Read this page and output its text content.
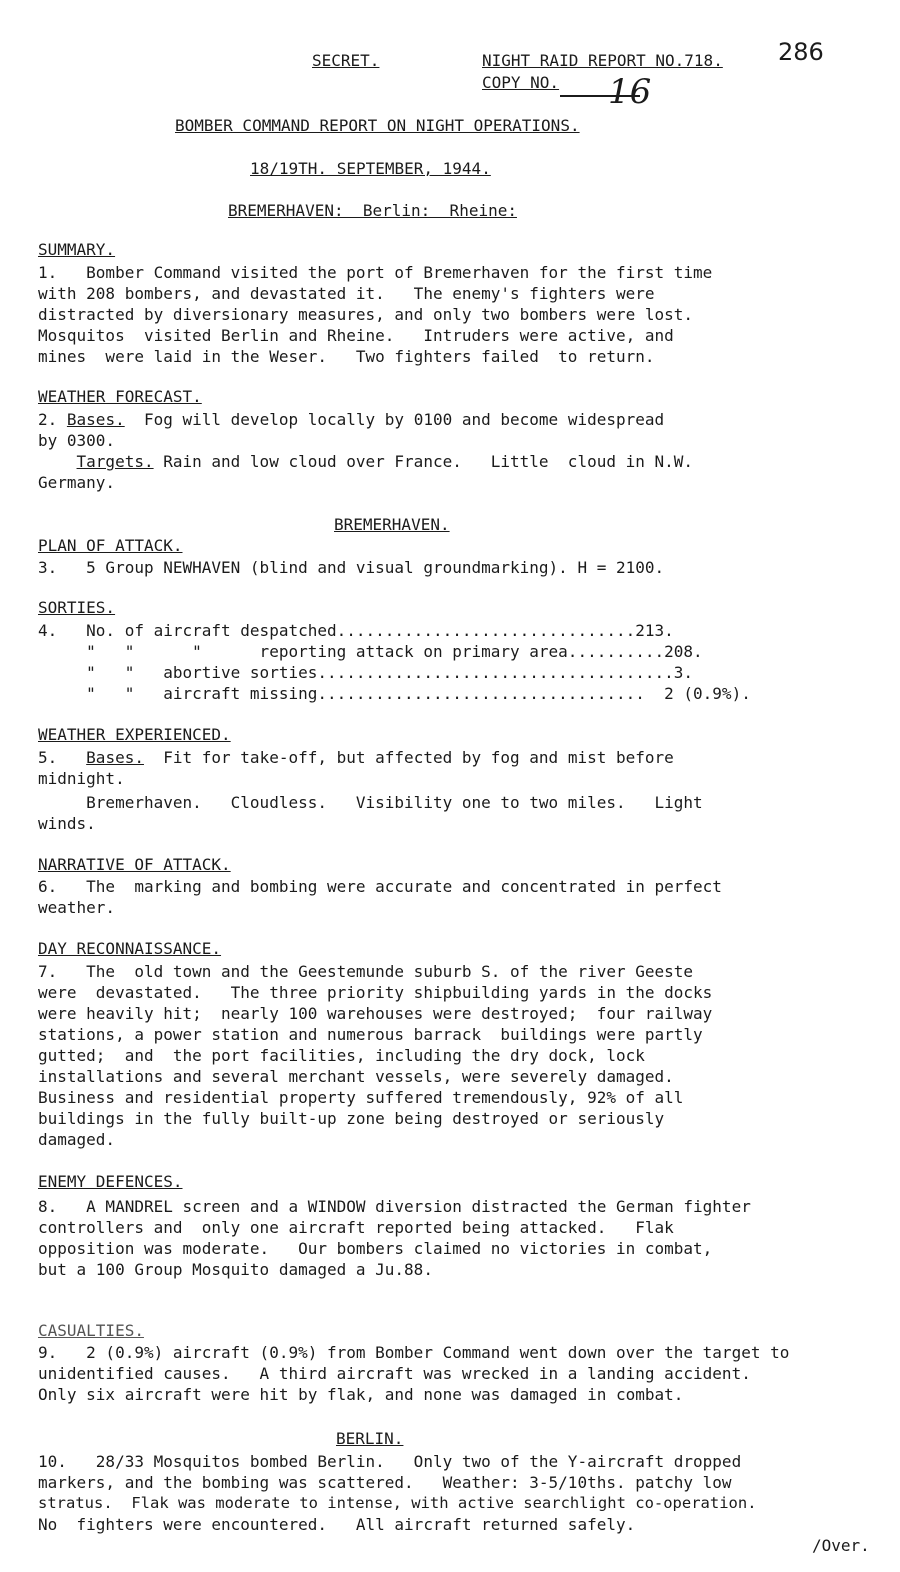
SECRET.	NIGHT RAID REPORT NO.718.
COPY NO. 16
286
BOMBER COMMAND REPORT ON NIGHT OPERATIONS.
18/19TH. SEPTEMBER, 1944.
BREMERHAVEN:  Berlin:  Rheine:
SUMMARY.
1.   Bomber Command visited the port of Bremerhaven for the first time
with 208 bombers, and devastated it.   The enemy's fighters were
distracted by diversionary measures, and only two bombers were lost.
Mosquitos  visited Berlin and Rheine.   Intruders were active, and
mines  were laid in the Weser.   Two fighters failed  to return.
WEATHER FORECAST.
2. Bases.  Fog will develop locally by 0100 and become widespread
by 0300.
Targets. Rain and low cloud over France.   Little  cloud in N.W.
Germany.
BREMERHAVEN.
PLAN OF ATTACK.
3.   5 Group NEWHAVEN (blind and visual groundmarking). H = 2100.
SORTIES.
4.   No. of aircraft despatched...............................213.
"   "      "      reporting attack on primary area..........208.
"   "   abortive sorties.....................................3.
"   "   aircraft missing..................................  2 (0.9%).
WEATHER EXPERIENCED.
5.   Bases.  Fit for take-off, but affected by fog and mist before
midnight.
Bremerhaven.   Cloudless.   Visibility one to two miles.   Light
winds.
NARRATIVE OF ATTACK.
6.   The  marking and bombing were accurate and concentrated in perfect
weather.
DAY RECONNAISSANCE.
7.   The  old town and the Geestemunde suburb S. of the river Geeste
were  devastated.   The three priority shipbuilding yards in the docks
were heavily hit;  nearly 100 warehouses were destroyed;  four railway
stations, a power station and numerous barrack  buildings were partly
gutted;  and  the port facilities, including the dry dock, lock
installations and several merchant vessels, were severely damaged.
Business and residential property suffered tremendously, 92% of all
buildings in the fully built-up zone being destroyed or seriously
damaged.
ENEMY DEFENCES.
8.   A MANDREL screen and a WINDOW diversion distracted the German fighter
controllers and  only one aircraft reported being attacked.   Flak
opposition was moderate.   Our bombers claimed no victories in combat,
but a 100 Group Mosquito damaged a Ju.88.
CASUALTIES.
9.   2 (0.9%) aircraft (0.9%) from Bomber Command went down over the target to
unidentified causes.   A third aircraft was wrecked in a landing accident.
Only six aircraft were hit by flak, and none was damaged in combat.
BERLIN.
10.   28/33 Mosquitos bombed Berlin.   Only two of the Y-aircraft dropped
markers, and the bombing was scattered.   Weather: 3-5/10ths. patchy low
stratus.  Flak was moderate to intense, with active searchlight co-operation.
No  fighters were encountered.   All aircraft returned safely.
/Over.
